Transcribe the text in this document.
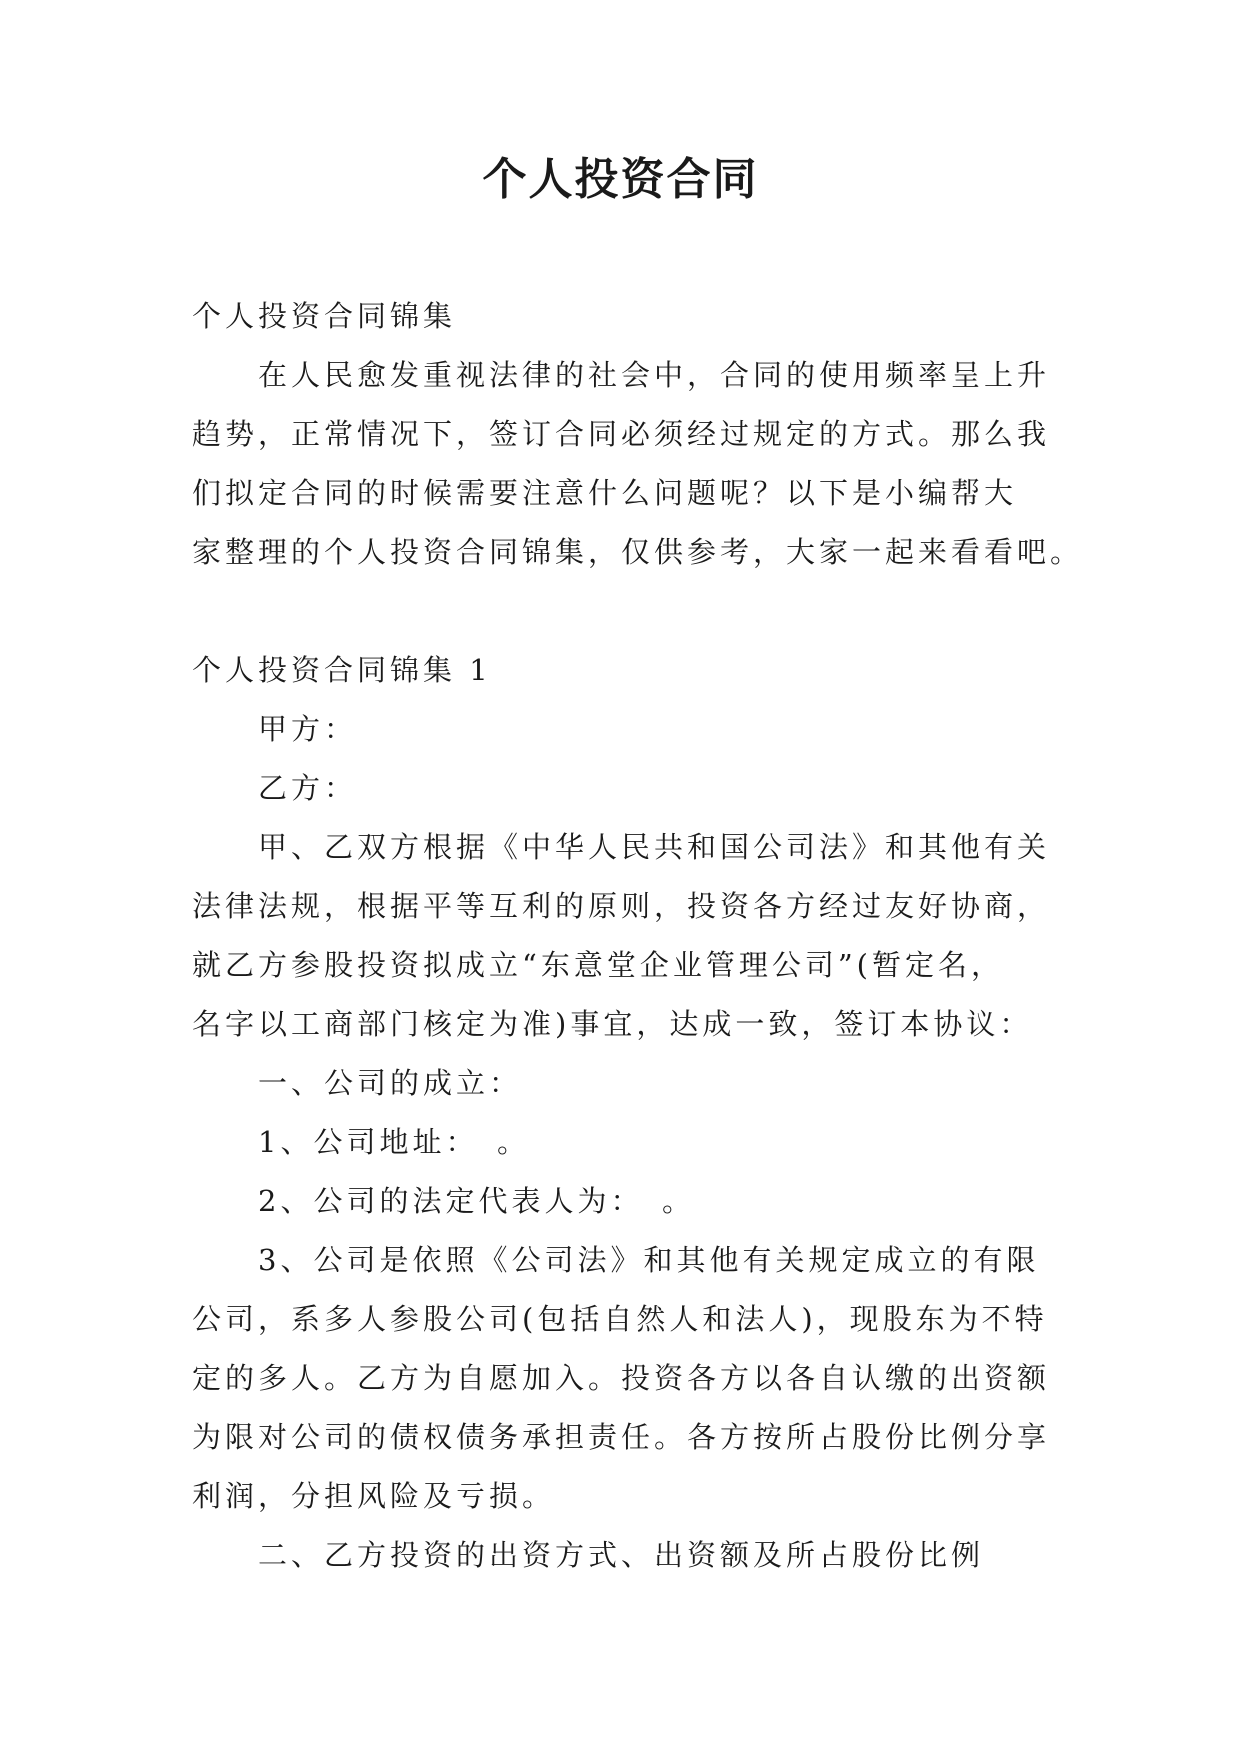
个人投资合同

个人投资合同锦集

在人民愈发重视法律的社会中，合同的使用频率呈上升

趋势，正常情况下，签订合同必须经过规定的方式。那么我

们拟定合同的时候需要注意什么问题呢？以下是小编帮大

家整理的个人投资合同锦集，仅供参考，大家一起来看看吧。

个人投资合同锦集 1

甲方：

乙方：

甲、乙双方根据《中华人民共和国公司法》和其他有关

法律法规，根据平等互利的原则，投资各方经过友好协商，

就乙方参股投资拟成立“东意堂企业管理公司”(暂定名，

名字以工商部门核定为准)事宜，达成一致，签订本协议：

一、公司的成立：

1、公司地址：　。

2、公司的法定代表人为：　。

3、公司是依照《公司法》和其他有关规定成立的有限

公司，系多人参股公司(包括自然人和法人)，现股东为不特

定的多人。乙方为自愿加入。投资各方以各自认缴的出资额

为限对公司的债权债务承担责任。各方按所占股份比例分享

利润，分担风险及亏损。

二、乙方投资的出资方式、出资额及所占股份比例
